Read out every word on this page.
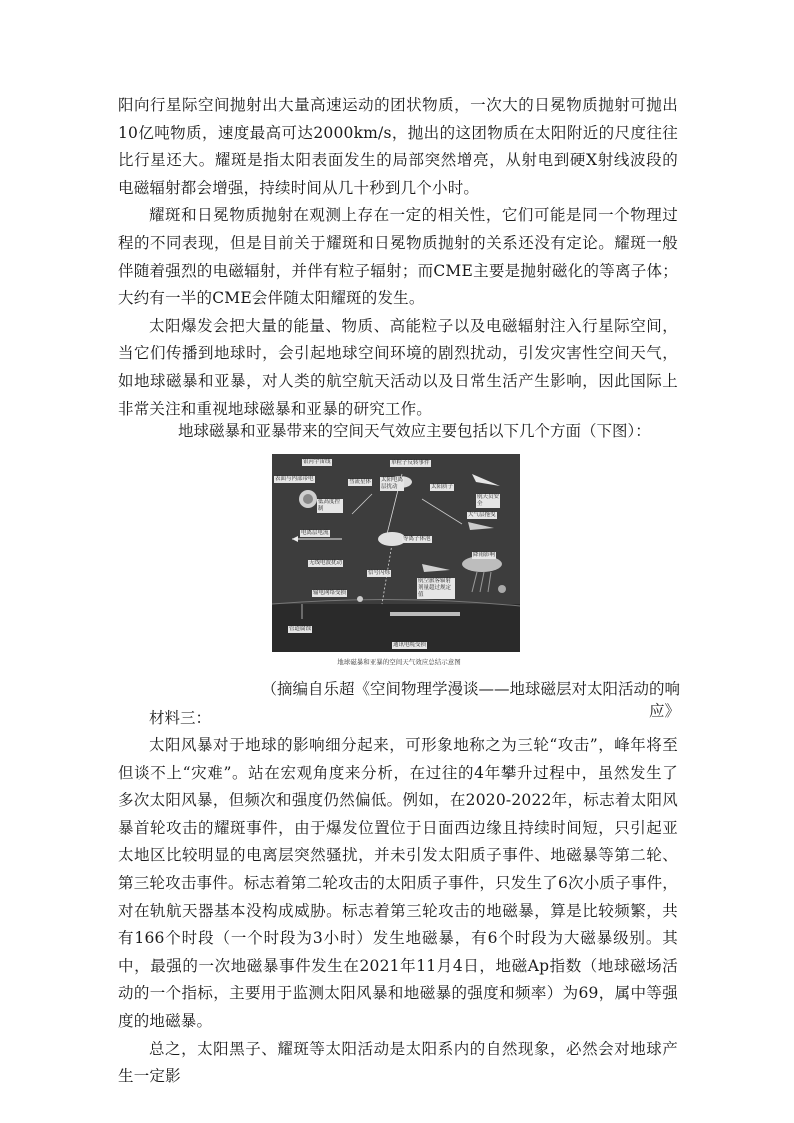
阳向行星际空间抛射出大量高速运动的团状物质，一次大的日冕物质抛射可抛出10亿吨物质，速度最高可达2000km/s，抛出的这团物质在太阳附近的尺度往往比行星还大。耀斑是指太阳表面发生的局部突然增亮，从射电到硬X射线波段的电磁辐射都会增强，持续时间从几十秒到几个小时。

耀斑和日冕物质抛射在观测上存在一定的相关性，它们可能是同一个物理过程的不同表现，但是目前关于耀斑和日冕物质抛射的关系还没有定论。耀斑一般伴随着强烈的电磁辐射，并伴有粒子辐射；而CME主要是抛射磁化的等离子体；大约有一半的CME会伴随太阳耀斑的发生。

太阳爆发会把大量的能量、物质、高能粒子以及电磁辐射注入行星际空间，当它们传播到地球时，会引起地球空间环境的剧烈扰动，引发灾害性空间天气，如地球磁暴和亚暴，对人类的航空航天活动以及日常生活产生影响，因此国际上非常关注和重视地球磁暴和亚暴的研究工作。

地球磁暴和亚暴带来的空间天气效应主要包括以下几个方面（下图）：
银河宇宙线
表面与内部带电	彗流星体
单粒子反转事件
太阳电离层扰动	太阳质子
航天员安全
低高度控制
大气层拖曳
电离层电流
等离子体泡
无线电波扰动
信号闪烁
航空旅客辐射剂量超过规定值
降雨影响
输电网络受损
管道腐蚀
通讯电缆受损
地球磁暴和亚暴的空间天气效应总结示意图
（摘编自乐超《空间物理学漫谈——地球磁层对太阳活动的响应》
材料三：

太阳风暴对于地球的影响细分起来，可形象地称之为三轮“攻击”，峰年将至但谈不上“灾难”。站在宏观角度来分析，在过往的4年攀升过程中，虽然发生了多次太阳风暴，但频次和强度仍然偏低。例如，在2020-2022年，标志着太阳风暴首轮攻击的耀斑事件，由于爆发位置位于日面西边缘且持续时间短，只引起亚太地区比较明显的电离层突然骚扰，并未引发太阳质子事件、地磁暴等第二轮、第三轮攻击事件。标志着第二轮攻击的太阳质子事件，只发生了6次小质子事件，对在轨航天器基本没构成威胁。标志着第三轮攻击的地磁暴，算是比较频繁，共有166个时段（一个时段为3小时）发生地磁暴，有6个时段为大磁暴级别。其中，最强的一次地磁暴事件发生在2021年11月4日，地磁Ap指数（地球磁场活动的一个指标，主要用于监测太阳风暴和地磁暴的强度和频率）为69，属中等强度的地磁暴。

总之，太阳黑子、耀斑等太阳活动是太阳系内的自然现象，必然会对地球产生一定影
